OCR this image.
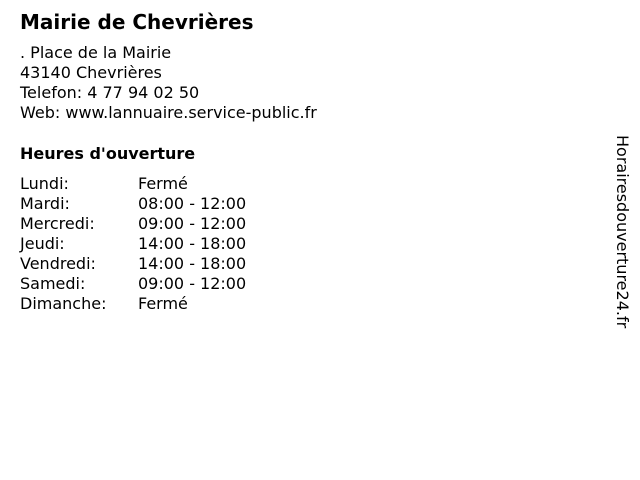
Mairie de Chevrières
. Place de la Mairie
43140 Chevrières
Telefon: 4 77 94 02 50
Web: www.lannuaire.service-public.fr
Heures d'ouverture
Lundi:	Fermé
Mardi:	08:00 - 12:00
Mercredi:	09:00 - 12:00
Jeudi:	14:00 - 18:00
Vendredi:	14:00 - 18:00
Samedi:	09:00 - 12:00
Dimanche:	Fermé	Horairesdouverture24.fr
